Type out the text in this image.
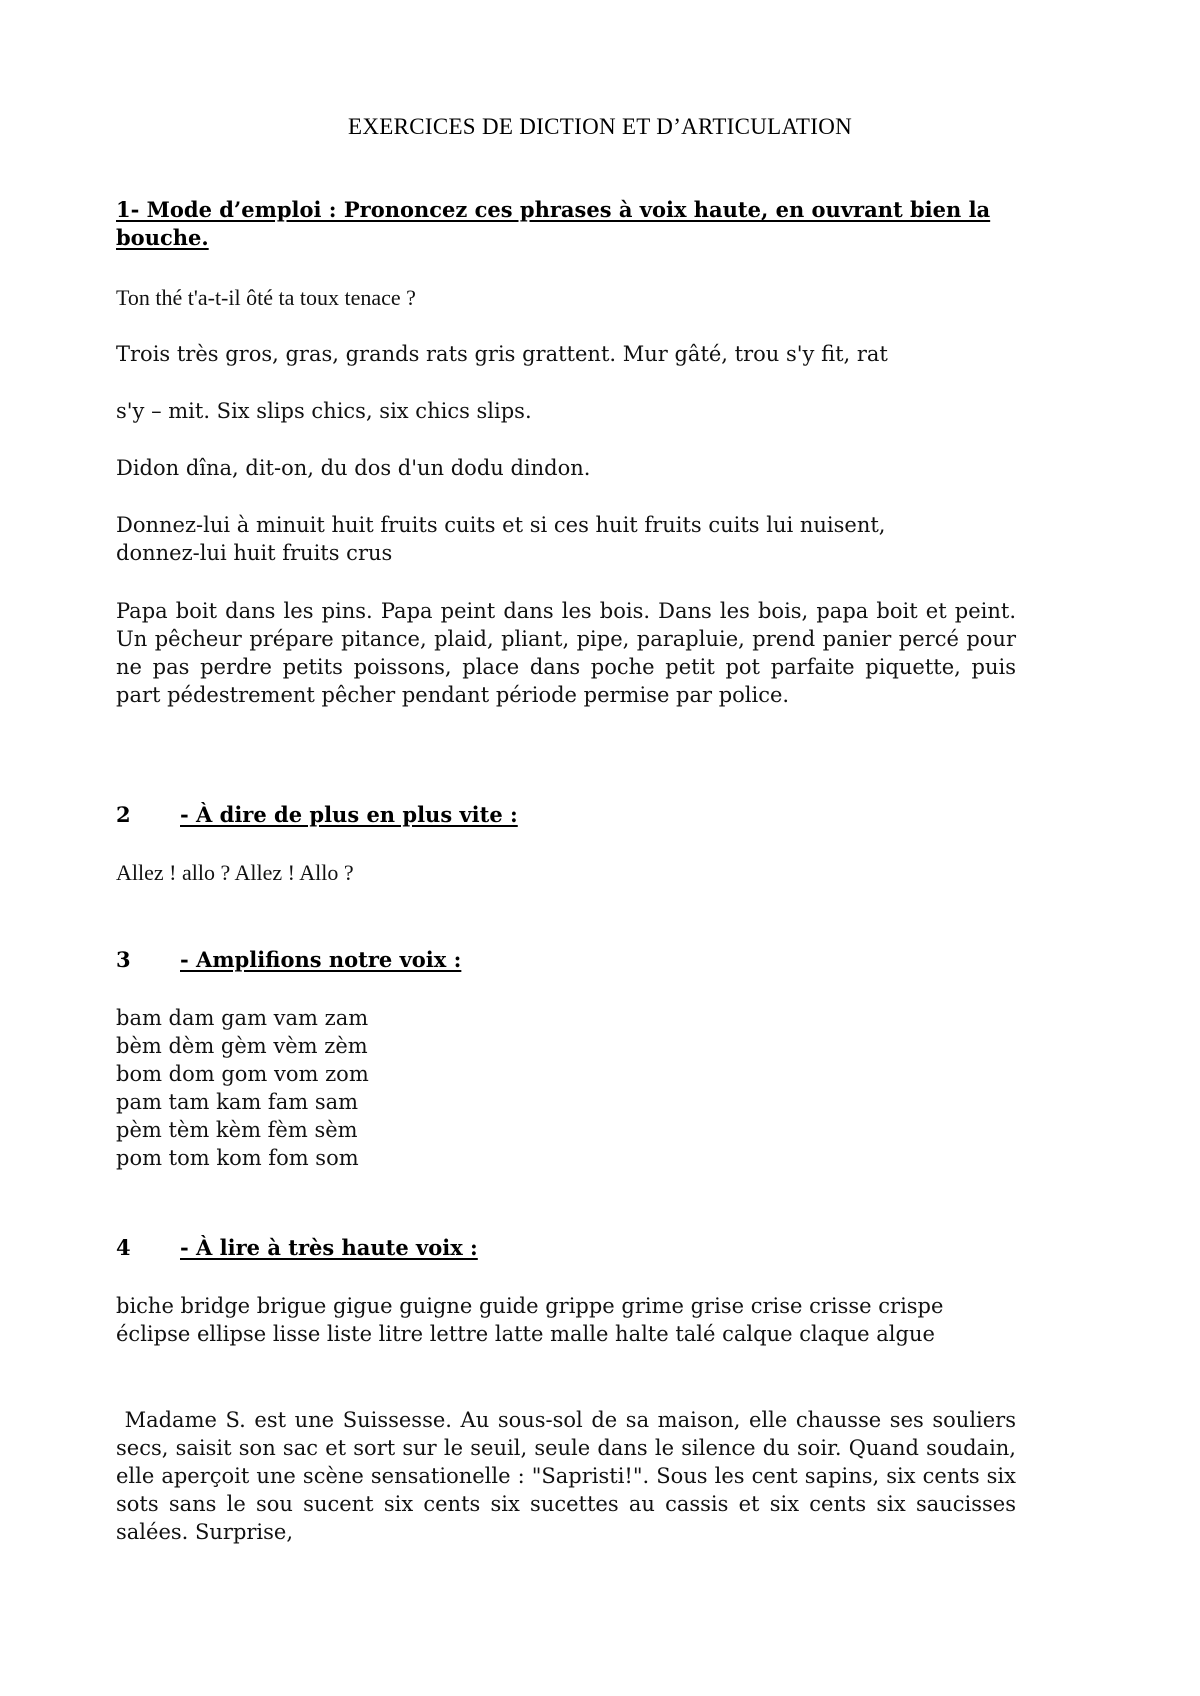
EXERCICES DE DICTION ET D’ARTICULATION
1- Mode d’emploi : Prononcez ces phrases à voix haute, en ouvrant bien la bouche.

Ton thé t'a-t-il ôté ta toux tenace ?

Trois très gros, gras, grands rats gris grattent. Mur gâté, trou s'y fit, rat

s'y – mit. Six slips chics, six chics slips.

Didon dîna, dit-on, du dos d'un dodu dindon.

Donnez-lui à minuit huit fruits cuits et si ces huit fruits cuits lui nuisent, donnez-lui huit fruits crus

Papa boit dans les pins. Papa peint dans les bois. Dans les bois, papa boit et peint. Un pêcheur prépare pitance, plaid, pliant, pipe, parapluie, prend panier percé pour ne pas perdre petits poissons, place dans poche petit pot parfaite piquette, puis part pédestrement pêcher pendant période permise par police.

2 - À dire de plus en plus vite :

Allez ! allo ? Allez ! Allo ?

3 - Amplifions notre voix :
bam dam gam vam zam
bèm dèm gèm vèm zèm
bom dom gom vom zom
pam tam kam fam sam
pèm tèm kèm fèm sèm
pom tom kom fom som
4 - À lire à très haute voix :

biche bridge brigue gigue guigne guide grippe grime grise crise crisse crispe éclipse ellipse lisse liste litre lettre latte malle halte talé calque claque algue

Madame S. est une Suissesse. Au sous-sol de sa maison, elle chausse ses souliers secs, saisit son sac et sort sur le seuil, seule dans le silence du soir. Quand soudain, elle aperçoit une scène sensationelle : "Sapristi!". Sous les cent sapins, six cents six sots sans le sou sucent six cents six sucettes au cassis et six cents six saucisses salées. Surprise,
